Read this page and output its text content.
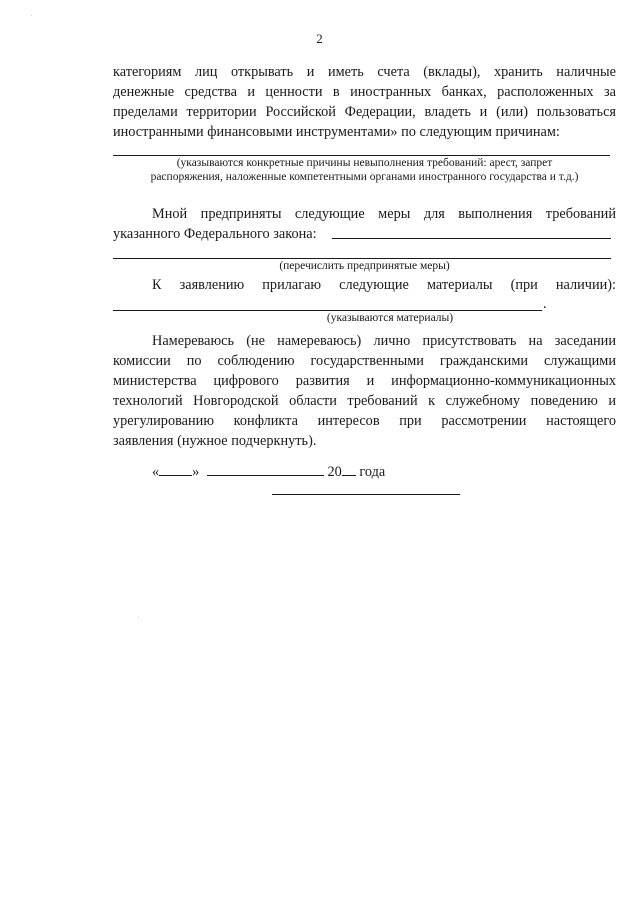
2
категориям лиц открывать и иметь счета (вклады), хранить наличные
денежные средства и ценности в иностранных банках, расположенных за
пределами территории Российской Федерации, владеть и (или) пользоваться
иностранными финансовыми инструментами» по следующим причинам:
(указываются конкретные причины невыполнения требований: арест, запрет
распоряжения, наложенные компетентными органами иностранного государства и т.д.)
Мной предприняты следующие меры для выполнения требований
указанного Федерального закона:
(перечислить предпринятые меры)
К заявлению прилагаю следующие материалы (при наличии):
.
(указываются материалы)
Намереваюсь (не намереваюсь) лично присутствовать на заседании
комиссии по соблюдению государственными гражданскими служащими
министерства цифрового развития и информационно-коммуникационных
технологий Новгородской области требований к служебному поведению и
урегулированию конфликта интересов при рассмотрении настоящего
заявления (нужное подчеркнуть).
« »	20 года
